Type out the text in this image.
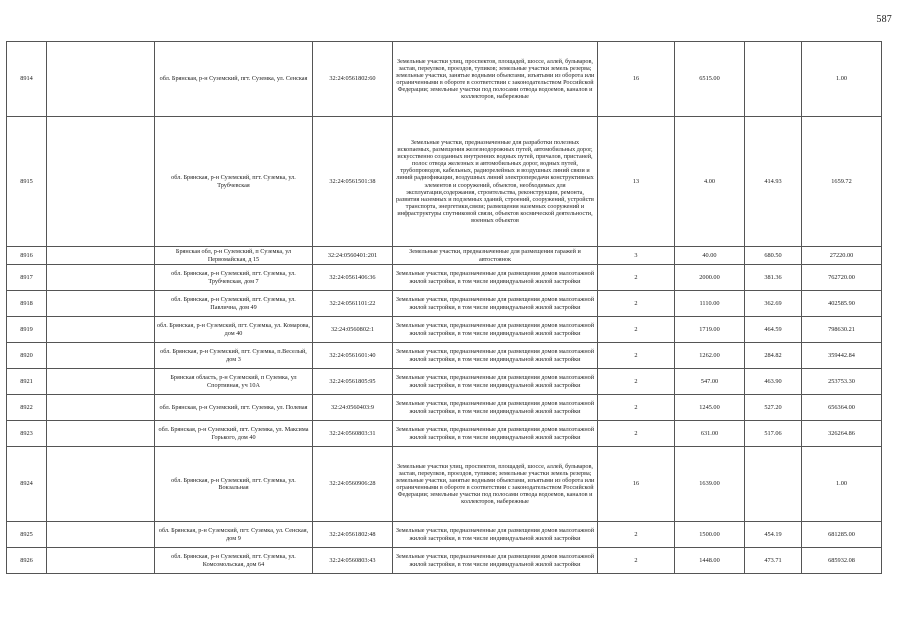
587
8914		обл. Брянская, р-н Суземский, пгт. Суземка, ул. Сенская	32:24:0561802:60	Земельные участки улиц, проспектов, площадей, шоссе, аллей, бульваров, застав, переулков, проездов, тупиков; земельные участки земель резерва; земельные участки, занятые водными объектами, изъятыми из оборота или ограниченными в обороте в соответствии с законодательством Российской Федерации; земельные участки под полосами отвода водоемов, каналов и коллекторов, набережные	16	6515.00		1.00
8915		обл. Брянская, р-н Суземский, пгт. Суземка, ул. Трубчевская	32:24:0561501:38	Земельные участки, предназначенные для разработки полезных ископаемых, размещения железнодорожных путей, автомобильных дорог, искусственно созданных внутренних водных путей, причалов, пристаней, полос отвода железных и автомобильных дорог, водных путей, трубопроводов, кабельных, радиорелейных и воздушных линий связи и линий радиофикации, воздушных линий электропередачи конструктивных элементов и сооружений, объектов, необходимых для эксплуатации,содержания, строительства, реконструкции, ремонта, развития наземных и подземных зданий, строений, сооружений, устройств транспорта, энергетики,связи; размещения наземных сооружений и инфраструктуры спутниковой связи, объектов космической деятельности, военных объектов	13	4.00	414.93	1659.72
8916		Брянская обл, р-н Суземский, п Суземка, ул Первомайская, д 15	32:24:0560401:201	Земельные участки, предназначенные для размещения гаражей и автостоянок	3	40.00	680.50	27220.00
8917		обл. Брянская, р-н Суземский, пгт. Суземка, ул. Трубчевская, дом 7	32:24:0561406:36	Земельные участки, предназначенные для размещения домов малоэтажной жилой застройки, в том числе индивидуальной жилой застройки	2	2000.00	381.36	762720.00
8918		обл. Брянская, р-н Суземский, пгт. Суземка, ул. Павлична, дом 49	32:24:0561101:22	Земельные участки, предназначенные для размещения домов малоэтажной жилой застройки, в том числе индивидуальной жилой застройки	2	1110.00	362.69	402585.90
8919		обл. Брянская, р-н Суземский, пгт. Суземка, ул. Комарова, дом 40	32:24:0560802:1	Земельные участки, предназначенные для размещения домов малоэтажной жилой застройки, в том числе индивидуальной жилой застройки	2	1719.00	464.59	798630.21
8920		обл. Брянская, р-н Суземский, пгт. Суземка, п.Веселый, дом 3	32:24:0561601:40	Земельные участки, предназначенные для размещения домов малоэтажной жилой застройки, в том числе индивидуальной жилой застройки	2	1262.00	284.82	359442.84
8921		Брянская область, р-н Суземский, п Суземка, ул Спортивная, уч 10А	32:24:0561805:95	Земельные участки, предназначенные для размещения домов малоэтажной жилой застройки, в том числе индивидуальной жилой застройки	2	547.00	463.90	253753.30
8922		обл. Брянская, р-н Суземский, пгт. Суземка, ул. Полевая	32:24:0560403:9	Земельные участки, предназначенные для размещения домов малоэтажной жилой застройки, в том числе индивидуальной жилой застройки	2	1245.00	527.20	656364.00
8923		обл. Брянская, р-н Суземский, пгт. Суземка, ул. Максима Горького, дом 40	32:24:0560803:31	Земельные участки, предназначенные для размещения домов малоэтажной жилой застройки, в том числе индивидуальной жилой застройки	2	631.00	517.06	326264.86
8924		обл. Брянская, р-н Суземский, пгт. Суземка, ул. Вокзальная	32:24:0560906:28	Земельные участки улиц, проспектов, площадей, шоссе, аллей, бульваров, застав, переулков, проездов, тупиков; земельные участки земель резерва; земельные участки, занятые водными объектами, изъятыми из оборота или ограниченными в обороте в соответствии с законодательством Российской Федерации; земельные участки под полосами отвода водоемов, каналов и коллекторов, набережные	16	1639.00		1.00
8925		обл. Брянская, р-н Суземский, пгт. Суземка, ул. Сенская, дом 9	32:24:0561802:48	Земельные участки, предназначенные для размещения домов малоэтажной жилой застройки, в том числе индивидуальной жилой застройки	2	1500.00	454.19	681285.00
8926		обл. Брянская, р-н Суземский, пгт. Суземка, ул. Комсомольская, дом 64	32:24:0560803:43	Земельные участки, предназначенные для размещения домов малоэтажной жилой застройки, в том числе индивидуальной жилой застройки	2	1448.00	473.71	685932.08
